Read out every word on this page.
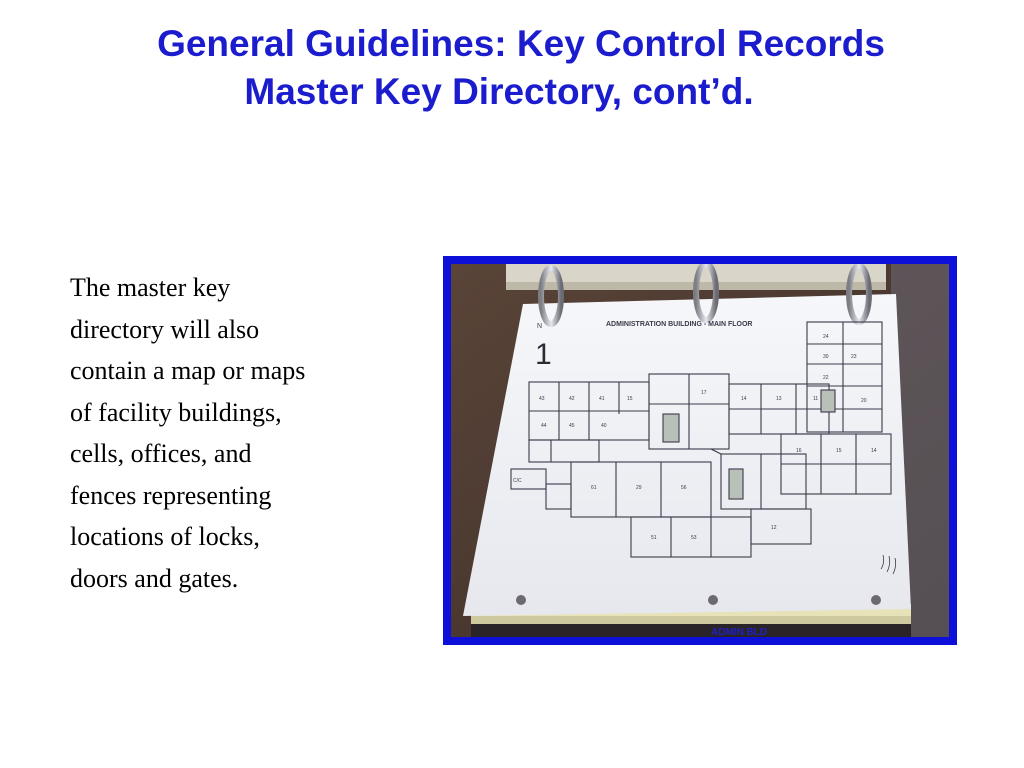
General Guidelines: Key Control Records
Master Key Directory, cont’d.

The master key
directory will also
contain a map or maps
of facility buildings,
cells, offices, and
fences representing
locations of locks,
doors and gates.

ADMIN BLD
ADMINISTRATION BUILDING - MAIN FLOOR
1
N
43	42	41	15
44	45	40
17
14	13	11
24
30	23
22
20
16	15	14
61	29	56
51	53
12
C/C
